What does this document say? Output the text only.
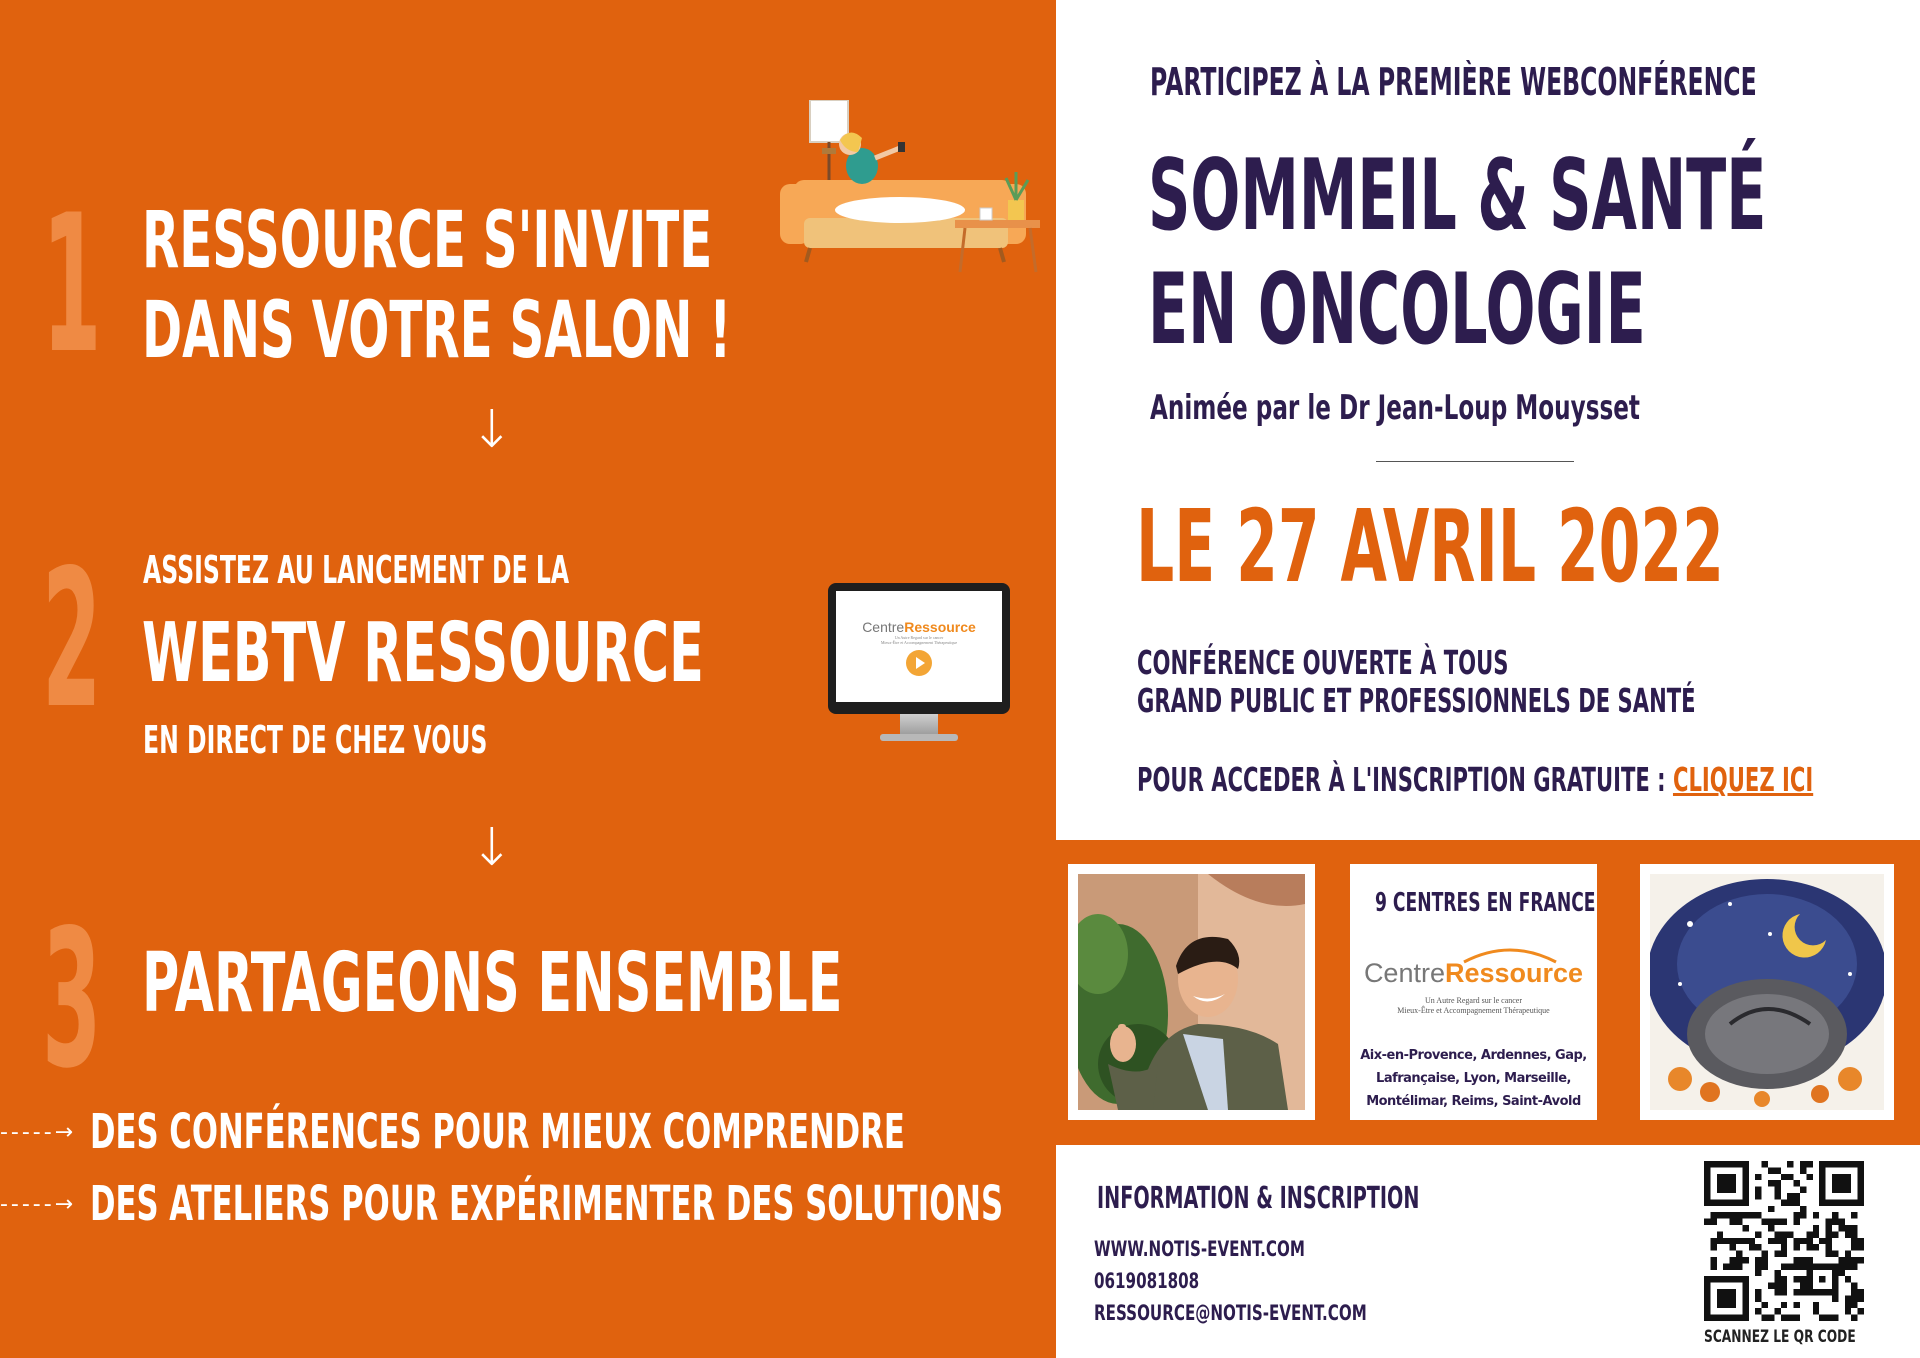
1 RESSOURCE S'INVITE
DANS VOTRE SALON !
↓
2 ASSISTEZ AU LANCEMENT DE LA
WEBTV RESSOURCE
EN DIRECT DE CHEZ VOUS
CentreRessource
Un Autre Regard sur le cancer
Mieux-Être et Accompagnement Thérapeutique
↓
3 PARTAGEONS ENSEMBLE
- - - - - → DES CONFÉRENCES POUR MIEUX COMPRENDRE
- - - - - → DES ATELIERS POUR EXPÉRIMENTER DES SOLUTIONS
PARTICIPEZ À LA PREMIÈRE WEBCONFÉRENCE
SOMMEIL & SANTÉ
EN ONCOLOGIE
Animée par le Dr Jean-Loup Mouysset
LE 27 AVRIL 2022
CONFÉRENCE OUVERTE À TOUS
GRAND PUBLIC ET PROFESSIONNELS DE SANTÉ
POUR ACCEDER À L'INSCRIPTION GRATUITE : CLIQUEZ ICI
9 CENTRES EN FRANCE
CentreRessource
Un Autre Regard sur le cancer
Mieux-Être et Accompagnement Thérapeutique
Aix-en-Provence, Ardennes, Gap,
Lafrançaise, Lyon, Marseille,
Montélimar, Reims, Saint-Avold
INFORMATION & INSCRIPTION
WWW.NOTIS-EVENT.COM
0619081808
RESSOURCE@NOTIS-EVENT.COM
SCANNEZ LE QR CODE
